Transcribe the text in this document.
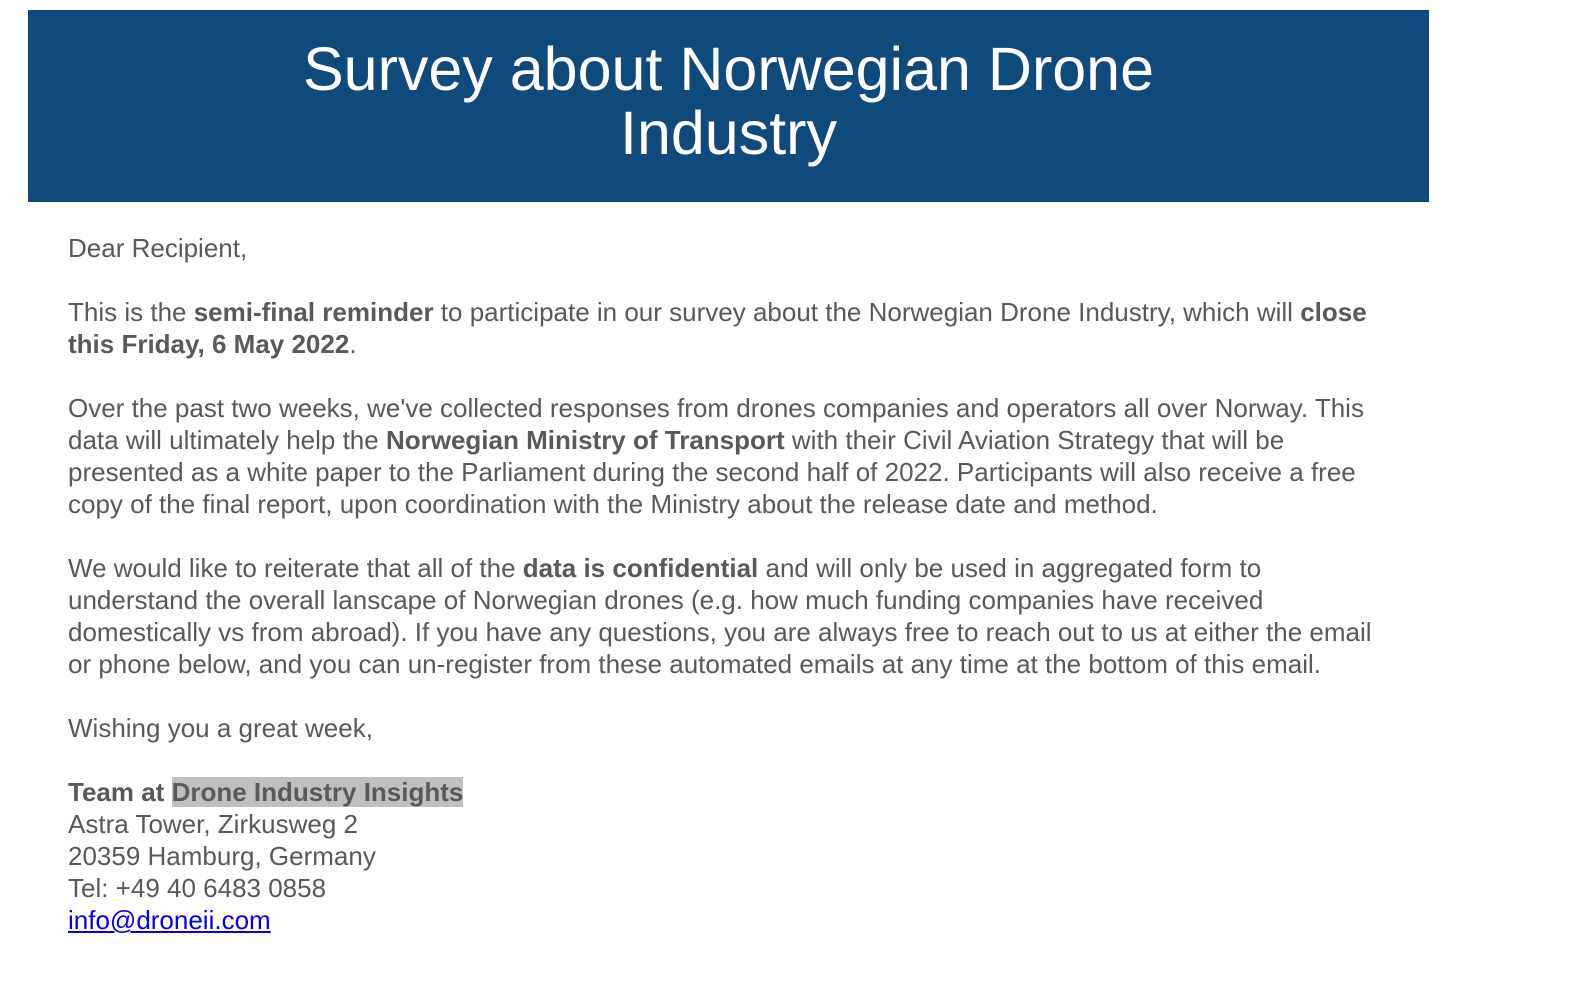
Survey about Norwegian Drone Industry

Dear Recipient,

This is the semi-final reminder to participate in our survey about the Norwegian Drone Industry, which will close this Friday, 6 May 2022.

Over the past two weeks, we've collected responses from drones companies and operators all over Norway. This data will ultimately help the Norwegian Ministry of Transport with their Civil Aviation Strategy that will be presented as a white paper to the Parliament during the second half of 2022. Participants will also receive a free copy of the final report, upon coordination with the Ministry about the release date and method.

We would like to reiterate that all of the data is confidential and will only be used in aggregated form to understand the overall lanscape of Norwegian drones (e.g. how much funding companies have received domestically vs from abroad). If you have any questions, you are always free to reach out to us at either the email or phone below, and you can un-register from these automated emails at any time at the bottom of this email.

Wishing you a great week,

Team at Drone Industry Insights
Astra Tower, Zirkusweg 2
20359 Hamburg, Germany
Tel: +49 40 6483 0858
info@droneii.com
